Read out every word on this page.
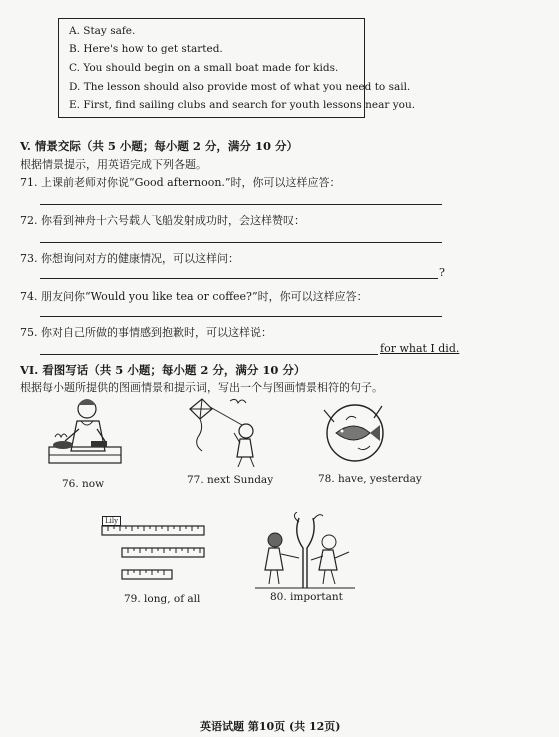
A. Stay safe.
B. Here's how to get started.
C. You should begin on a small boat made for kids.
D. The lesson should also provide most of what you need to sail.
E. First, find sailing clubs and search for youth lessons near you.
V. 情景交际（共 5 小题；每小题 2 分，满分 10 分）
根据情景提示，用英语完成下列各题。
71. 上课前老师对你说“Good afternoon.”时，你可以这样应答：
72. 你看到神舟十六号载人飞船发射成功时，会这样赞叹：
73. 你想询问对方的健康情况，可以这样问：
?
74. 朋友问你“Would you like tea or coffee?”时，你可以这样应答：
75. 你对自己所做的事情感到抱歉时，可以这样说：
for what I did.
VI. 看图写话（共 5 小题；每小题 2 分，满分 10 分）
根据每小题所提供的图画情景和提示词，写出一个与图画情景相符的句子。
76. now	77. next Sunday	78. have, yesterday
Lily
79. long, of all	80. important
英语试题 第10页 (共 12页)
